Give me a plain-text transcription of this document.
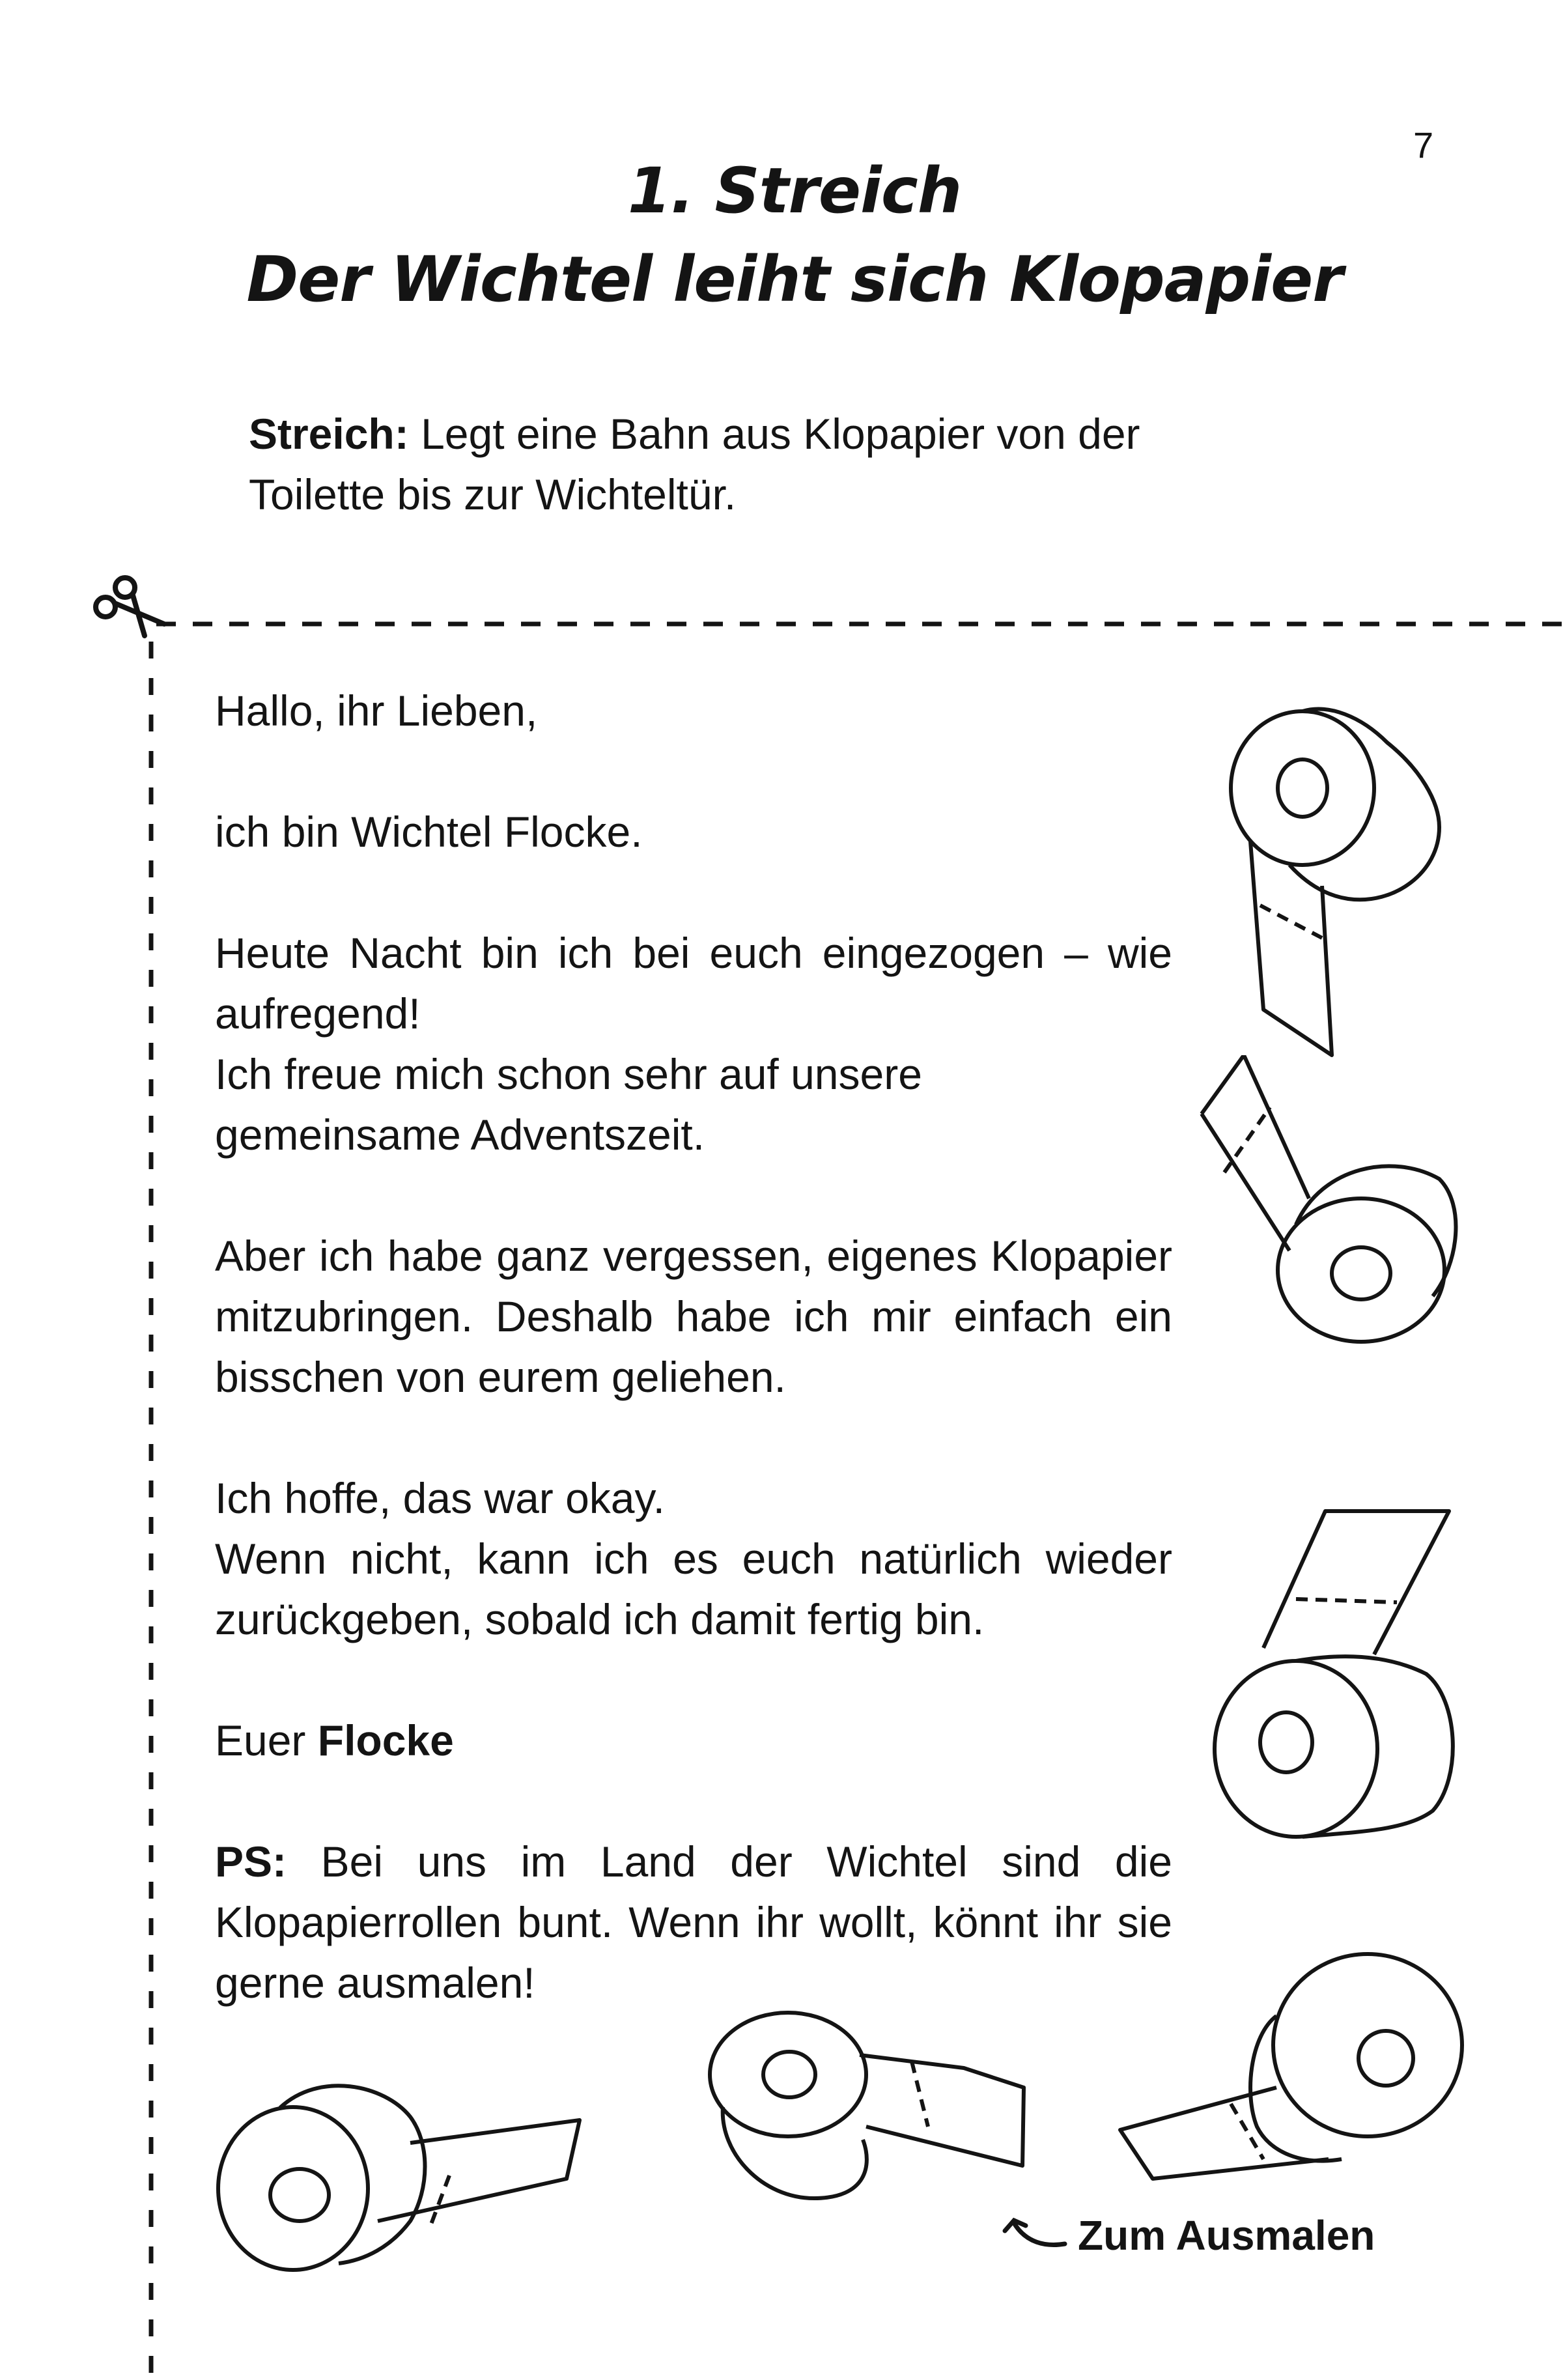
7
1. Streich
Der Wichtel leiht sich Klopapier
Streich: Legt eine Bahn aus Klopapier von der Toilette bis zur Wichteltür.

Hallo, ihr Lieben,

ich bin Wichtel Flocke.

Heute Nacht bin ich bei euch eingezogen – wie aufregend!

Ich freue mich schon sehr auf unsere gemeinsame Adventszeit.

Aber ich habe ganz vergessen, eigenes Klopapier mitzubringen. Deshalb habe ich mir einfach ein bisschen von eurem geliehen.

Ich hoffe, das war okay.

Wenn nicht, kann ich es euch natürlich wieder zurückgeben, sobald ich damit fertig bin.

Euer Flocke

PS: Bei uns im Land der Wichtel sind die Klopapierrollen bunt. Wenn ihr wollt, könnt ihr sie gerne ausmalen!

Zum Ausmalen
